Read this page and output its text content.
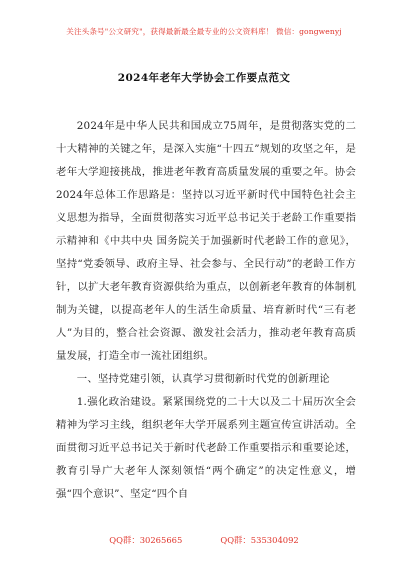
关注头条号"公文研究"，获得最新最全最专业的公文资料库！ 微信：gongwenyj
2024年老年大学协会工作要点范文

2024年是中华人民共和国成立75周年，是贯彻落实党的二十大精神的关键之年，是深入实施“十四五”规划的攻坚之年，是老年大学迎接挑战，推进老年教育高质量发展的重要之年。协会2024年总体工作思路是：坚持以习近平新时代中国特色社会主义思想为指导，全面贯彻落实习近平总书记关于老龄工作重要指示精神和《中共中央 国务院关于加强新时代老龄工作的意见》，坚持“党委领导、政府主导、社会参与、全民行动”的老龄工作方针，以扩大老年教育资源供给为重点，以创新老年教育的体制机制为关键，以提高老年人的生活生命质量、培育新时代“三有老人”为目的，整合社会资源、激发社会活力，推动老年教育高质量发展，打造全市一流社团组织。

一、坚持党建引领，认真学习贯彻新时代党的创新理论

1.强化政治建设。紧紧围绕党的二十大以及二十届历次全会精神为学习主线，组织老年大学开展系列主题宣传宣讲活动。全面贯彻习近平总书记关于新时代老龄工作重要指示和重要论述，教育引导广大老年人深刻领悟“两个确定”的决定性意义，增强“四个意识”、坚定“四个自

QQ群：30265665	QQ群：535304092
